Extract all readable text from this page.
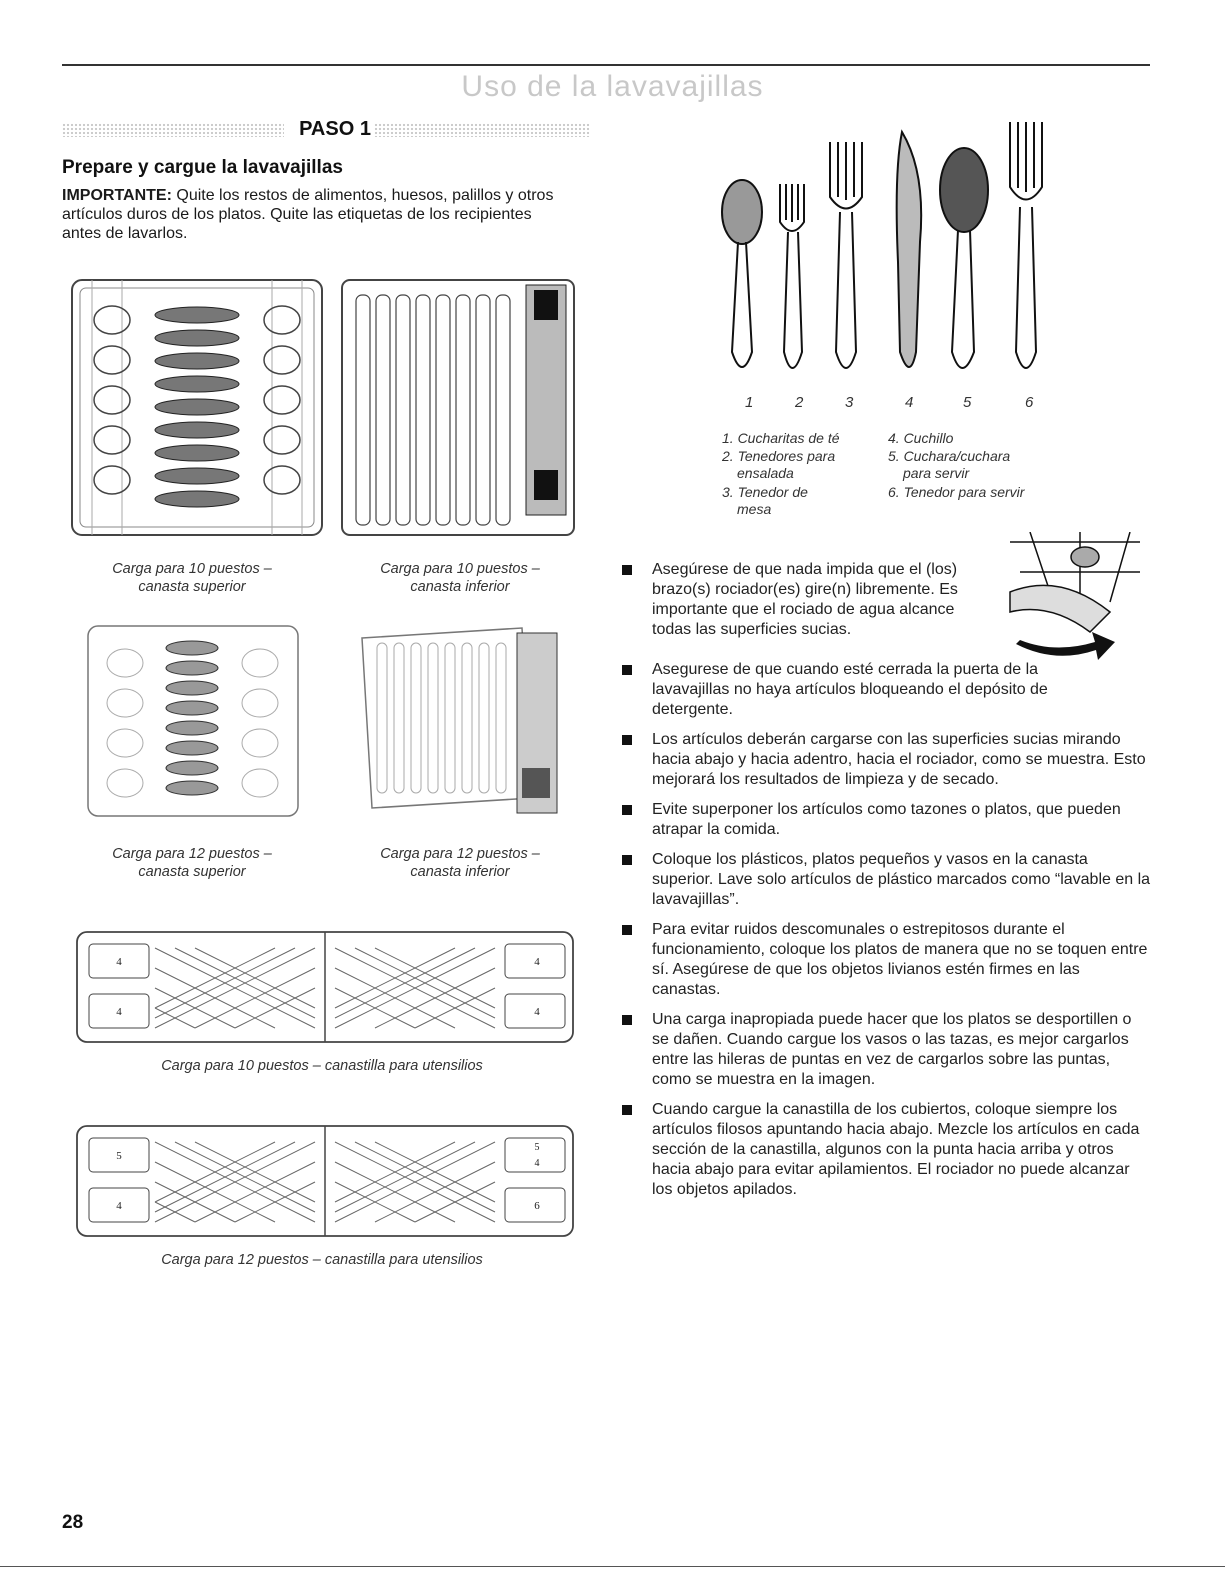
Uso de la lavavajillas
PASO 1
Prepare y cargue la lavavajillas
IMPORTANTE: Quite los restos de alimentos, huesos, palillos y otros artículos duros de los platos. Quite las etiquetas de los recipientes antes de lavarlos.
Carga para 10 puestos –
canasta superior
Carga para 10 puestos –
canasta inferior
Carga para 12 puestos –
canasta superior
Carga para 12 puestos –
canasta inferior
4
4
4
4
Carga para 10 puestos – canastilla para utensilios
5
4
5
4
6
Carga para 12 puestos – canastilla para utensilios
1	2	3	4	5	6
1. Cucharitas de té
2. Tenedores para
ensalada
3. Tenedor de
mesa
4. Cuchillo
5. Cuchara/cuchara
para servir
6. Tenedor para servir
Asegúrese de que nada impida que el (los) brazo(s) rociador(es) gire(n) libremente. Es importante que el rociado de agua alcance todas las superficies sucias.
Asegurese de que cuando esté cerrada la puerta de la lavavajillas no haya artículos bloqueando el depósito de detergente.
Los artículos deberán cargarse con las superficies sucias mirando hacia abajo y hacia adentro, hacia el rociador, como se muestra. Esto mejorará los resultados de limpieza y de secado.
Evite superponer los artículos como tazones o platos, que pueden atrapar la comida.
Coloque los plásticos, platos pequeños y vasos en la canasta superior. Lave solo artículos de plástico marcados como “lavable en la lavavajillas”.
Para evitar ruidos descomunales o estrepitosos durante el funcionamiento, coloque los platos de manera que no se toquen entre sí. Asegúrese de que los objetos livianos estén firmes en las canastas.
Una carga inapropiada puede hacer que los platos se desportillen o se dañen. Cuando cargue los vasos o las tazas, es mejor cargarlos entre las hileras de puntas en vez de cargarlos sobre las puntas, como se muestra en la imagen.
Cuando cargue la canastilla de los cubiertos, coloque siempre los artículos filosos apuntando hacia abajo. Mezcle los artículos en cada sección de la canastilla, algunos con la punta hacia arriba y otros hacia abajo para evitar apilamientos. El rociador no puede alcanzar los objetos apilados.
28
